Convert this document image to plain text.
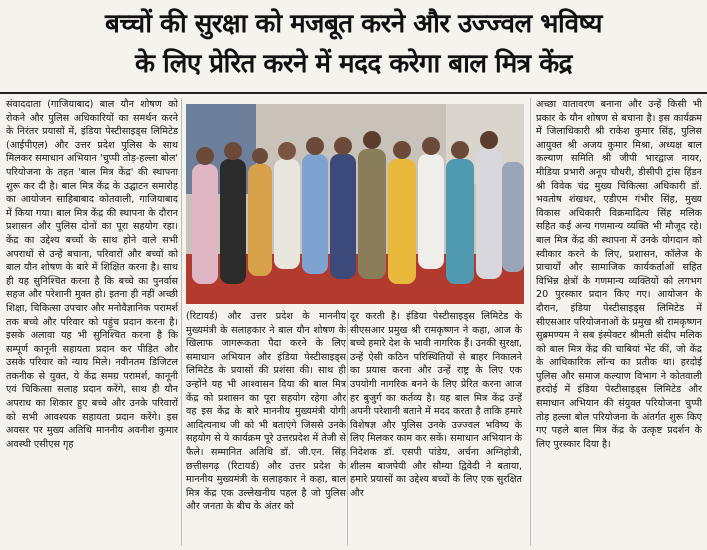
बच्चों की सुरक्षा को मजबूत करने और उज्ज्वल भविष्य
के लिए प्रेरित करने में मदद करेगा बाल मित्र केंद्र

संवाददाता (गाजियाबाद) बाल यौन शोषण को रोकने और पुलिस अधिकारियों का समर्थन करने के निरंतर प्रयासों में, इंडिया पेस्टीसाइड्स लिमिटेड (आईपीएल) और उत्तर प्रदेश पुलिस के साथ मिलकर समाधान अभियान 'चुप्पी तोड़-हल्ला बोल' परियोजना के तहत 'बाल मित्र केंद्र' की स्थापना शुरू कर दी है। बाल मित्र केंद्र के उद्घाटन समारोह का आयोजन साहिबाबाद कोतवाली, गाजियाबाद में किया गया। बाल मित्र केंद्र की स्थापना के दौरान प्रशासन और पुलिस दोनों का पूरा सहयोग रहा। केंद्र का उद्देश्य बच्चों के साथ होने वाले सभी अपराधों से उन्हें बचाना, परिवारों और बच्चों को बाल यौन शोषण के बारे में शिक्षित करना है। साथ ही यह सुनिश्चित करना है कि बच्चे का पुनर्वास सहज और परेशानी मुक्त हो। इतना ही नहीं अच्छी शिक्षा, चिकित्सा उपचार और मनोवैज्ञानिक परामर्श तक बच्चे और परिवार को पहुंच प्रदान करना है। इसके अलावा यह भी सुनिश्चित करना है कि सम्पूर्ण कानूनी सहायता प्रदान कर पीड़ित और उसके परिवार को न्याय मिले। नवीनतम डिजिटल तकनीक से युक्त, ये केंद्र समग्र परामर्श, कानूनी एवं चिकित्सा सलाह प्रदान करेंगे, साथ ही यौन अपराध का शिकार हुए बच्चे और उनके परिवारों को सभी आवश्यक सहायता प्रदान करेंगे। इस अवसर पर मुख्य अतिथि माननीय अवनीश कुमार अवस्थी एसीएस गृह

(रिटायर्ड) और उत्तर प्रदेश के माननीय मुख्यमंत्री के सलाहकार ने बाल यौन शोषण के खिलाफ जागरूकता पैदा करने के लिए समाधान अभियान और इंडिया पेस्टीसाइड्स लिमिटेड के प्रयासों की प्रशंसा की। साथ ही उन्होंने यह भी आश्वासन दिया की बाल मित्र केंद्र को प्रशासन का पूरा सहयोग रहेगा और वह इस केंद्र के बारे माननीय मुख्यमंत्री योगी आदित्यनाथ जी को भी बताएंगे जिससे उनके सहयोग से ये कार्यक्रम पूरे उत्तरप्रदेश में तेजी से फैले। सम्मानित अतिथि डॉ. जी.एन. सिंह छत्तीसगढ़ (रिटायर्ड) और उत्तर प्रदेश के माननीय मुख्यमंत्री के सलाहकार ने कहा, बाल मित्र केंद्र एक उल्लेखनीय पहल है जो पुलिस और जनता के बीच के अंतर को

दूर करती है। इंडिया पेस्टीसाइड्स लिमिटेड के सीएसआर प्रमुख श्री रामकृष्णन ने कहा, आज के बच्चे हमारे देश के भावी नागरिक हैं। उनकी सुरक्षा, उन्हें ऐसी कठिन परिस्थितियों से बाहर निकालने का प्रयास करना और उन्हें राष्ट्र के लिए एक उपयोगी नागरिक बनने के लिए प्रेरित करना आज हर बुजुर्ग का कर्तव्य है। यह बाल मित्र केंद्र उन्हें अपनी परेशानी बताने में मदद करता है ताकि हमारे विशेषज्ञ और पुलिस उनके उज्ज्वल भविष्य के लिए मिलकर काम कर सकें। समाधान अभियान के निदेशक डॉ. एसपी पांडेय, अर्चना अग्निहोत्री, शीलम बाजपेयी और सौम्या द्विवेदी ने बताया, हमारे प्रयासों का उद्देश्य बच्चों के लिए एक सुरक्षित और

अच्छा वातावरण बनाना और उन्हें किसी भी प्रकार के यौन शोषण से बचाना है। इस कार्यक्रम में जिलाधिकारी श्री राकेश कुमार सिंह, पुलिस आयुक्त श्री अजय कुमार मिश्रा, अध्यक्ष बाल कल्याण समिति श्री जीपी भारद्वाज नायर, मीडिया प्रभारी अनूप चौधरी, डीसीपी ट्रांस हिंडन श्री विवेक चंद्र मुख्य चिकित्सा अधिकारी डॉ. भवतोष शंखधर, एडीएम गंभीर सिंह, मुख्य विकास अधिकारी विक्रमादित्य सिंह मलिक सहित कई अन्य गणमान्य व्यक्ति भी मौजूद रहे। बाल मित्र केंद्र की स्थापना में उनके योगदान को स्वीकार करने के लिए, प्रशासन, कॉलेज के प्राचार्यों और सामाजिक कार्यकर्ताओं सहित विभिन्न क्षेत्रों के गणमान्य व्यक्तियों को लगभग 20 पुरस्कार प्रदान किए गए। आयोजन के दौरान, इंडिया पेस्टीसाइड्स लिमिटेड में सीएसआर परियोजनाओं के प्रमुख श्री रामकृष्णन सुब्रमण्यम ने सब इंस्पेक्टर श्रीमती संदीप मलिक को बाल मित्र केंद्र की चाबियां भेंट कीं, जो केंद्र के आधिकारिक लॉन्च का प्रतीक था। हरदोई पुलिस और समाज कल्याण विभाग ने कोतवाली हरदोई में इंडिया पेस्टीसाइड्स लिमिटेड और समाधान अभियान की संयुक्त परियोजना चुप्पी तोड़ हल्ला बोल परियोजना के अंतर्गत शुरू किए गए पहले बाल मित्र केंद्र के उत्कृष्ट प्रदर्शन के लिए पुरस्कार दिया है।
